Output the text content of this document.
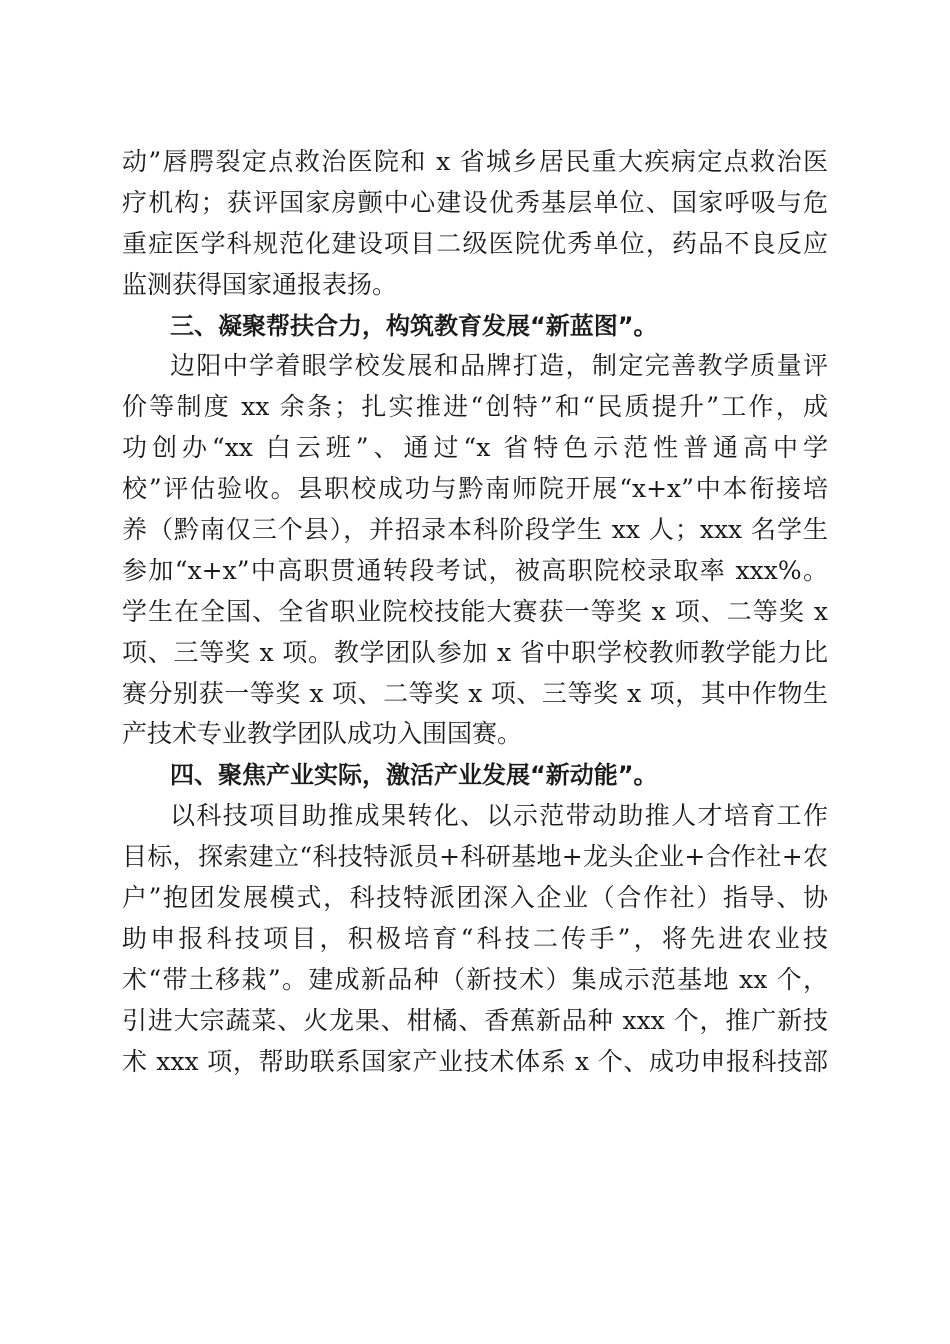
动”唇腭裂定点救治医院和 x 省城乡居民重大疾病定点救治医
疗机构；获评国家房颤中心建设优秀基层单位、国家呼吸与危
重症医学科规范化建设项目二级医院优秀单位，药品不良反应
监测获得国家通报表扬。
三、凝聚帮扶合力，构筑教育发展“新蓝图”。
边阳中学着眼学校发展和品牌打造，制定完善教学质量评
价等制度 xx 余条；扎实推进“创特”和“民质提升”工作，成
功创办“xx 白云班”、通过“x 省特色示范性普通高中学
校”评估验收。县职校成功与黔南师院开展“x+x”中本衔接培
养（黔南仅三个县），并招录本科阶段学生 xx 人；xxx 名学生
参加“x+x”中高职贯通转段考试，被高职院校录取率 xxx%。
学生在全国、全省职业院校技能大赛获一等奖 x 项、二等奖 x
项、三等奖 x 项。教学团队参加 x 省中职学校教师教学能力比
赛分别获一等奖 x 项、二等奖 x 项、三等奖 x 项，其中作物生
产技术专业教学团队成功入围国赛。
四、聚焦产业实际，激活产业发展“新动能”。
以科技项目助推成果转化、以示范带动助推人才培育工作
目标，探索建立“科技特派员+科研基地+龙头企业+合作社+农
户”抱团发展模式，科技特派团深入企业（合作社）指导、协
助申报科技项目，积极培育“科技二传手”，将先进农业技
术“带土移栽”。建成新品种（新技术）集成示范基地 xx 个，
引进大宗蔬菜、火龙果、柑橘、香蕉新品种 xxx 个，推广新技
术 xxx 项，帮助联系国家产业技术体系 x 个、成功申报科技部
